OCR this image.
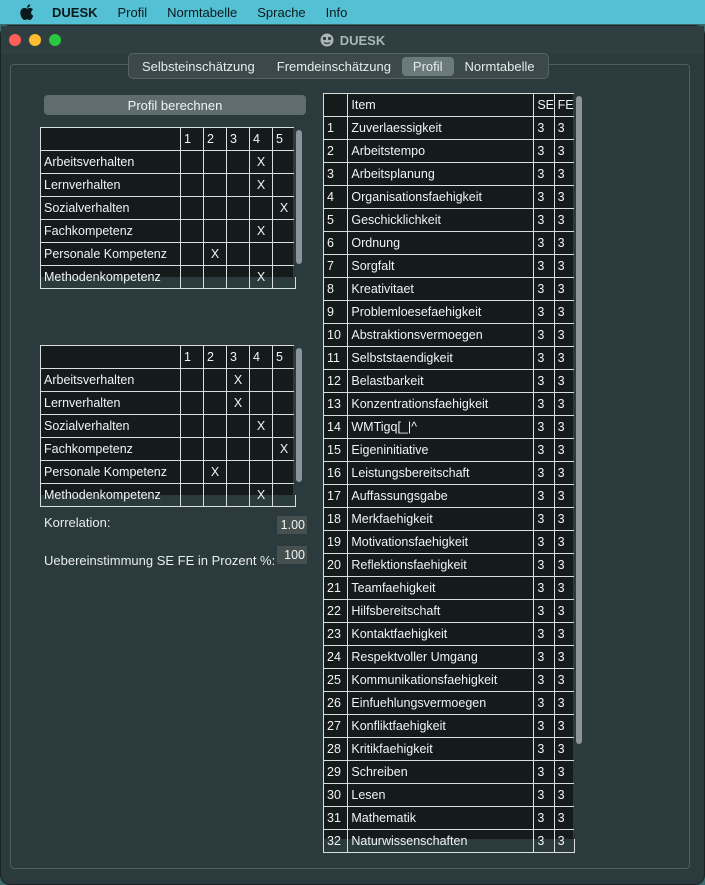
DUESK Profil Normtabelle Sprache Info
DUESK
Selbsteinschätzung	Fremdeinschätzung	Profil	Normtabelle
Profil berechnen
	1	2	3	4	5
Arbeitsverhalten				X	
Lernverhalten				X	
Sozialverhalten					X
Fachkompetenz				X	
Personale Kompetenz		X			
Methodenkompetenz				X	
	1	2	3	4	5
Arbeitsverhalten			X		
Lernverhalten			X		
Sozialverhalten				X	
Fachkompetenz					X
Personale Kompetenz		X			
Methodenkompetenz				X	
Korrelation:	1.00
Uebereinstimmung SE FE in Prozent %: 100
	Item	SE	FE
1	Zuverlaessigkeit	3	3
2	Arbeitstempo	3	3
3	Arbeitsplanung	3	3
4	Organisationsfaehigkeit	3	3
5	Geschicklichkeit	3	3
6	Ordnung	3	3
7	Sorgfalt	3	3
8	Kreativitaet	3	3
9	Problemloesefaehigkeit	3	3
10	Abstraktionsvermoegen	3	3
11	Selbststaendigkeit	3	3
12	Belastbarkeit	3	3
13	Konzentrationsfaehigkeit	3	3
14	WMTigq[_|^	3	3
15	Eigeninitiative	3	3
16	Leistungsbereitschaft	3	3
17	Auffassungsgabe	3	3
18	Merkfaehigkeit	3	3
19	Motivationsfaehigkeit	3	3
20	Reflektionsfaehigkeit	3	3
21	Teamfaehigkeit	3	3
22	Hilfsbereitschaft	3	3
23	Kontaktfaehigkeit	3	3
24	Respektvoller Umgang	3	3
25	Kommunikationsfaehigkeit	3	3
26	Einfuehlungsvermoegen	3	3
27	Konfliktfaehigkeit	3	3
28	Kritikfaehigkeit	3	3
29	Schreiben	3	3
30	Lesen	3	3
31	Mathematik	3	3
32	Naturwissenschaften	3	3
